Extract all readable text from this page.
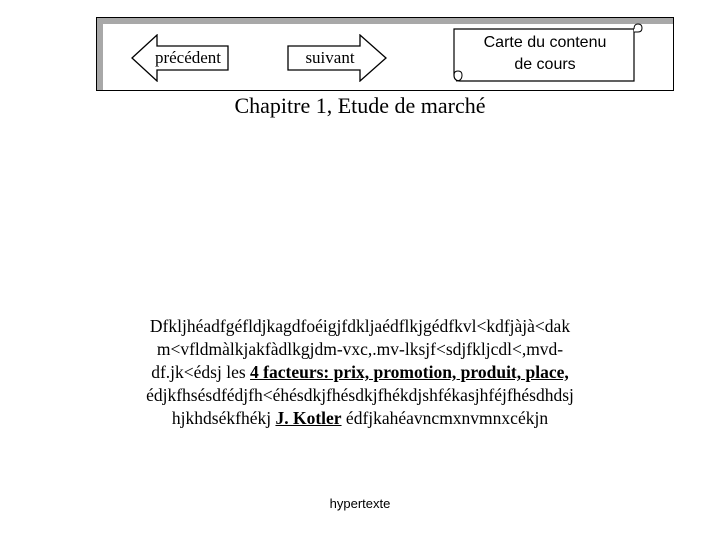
précédent	suivant
Carte du contenu
de cours
Chapitre 1, Etude de marché
Dfkljhéadfgéfldjkagdfoéigjfdkljaédflkjgédfkvl<kdfjàjà<dak
m<vfldmàlkjakfàdlkgjdm-vxc,.mv-lksjf<sdjfkljcdl<,mvd-
df.jk<édsj les 4 facteurs: prix, promotion, produit, place,
édjkfhsésdfédjfh<éhésdkjfhésdkjfhékdjshfékasjhféjfhésdhdsj
hjkhdsékfhékj J. Kotler édfjkahéavncmxnvmnxcékjn
hypertexte
